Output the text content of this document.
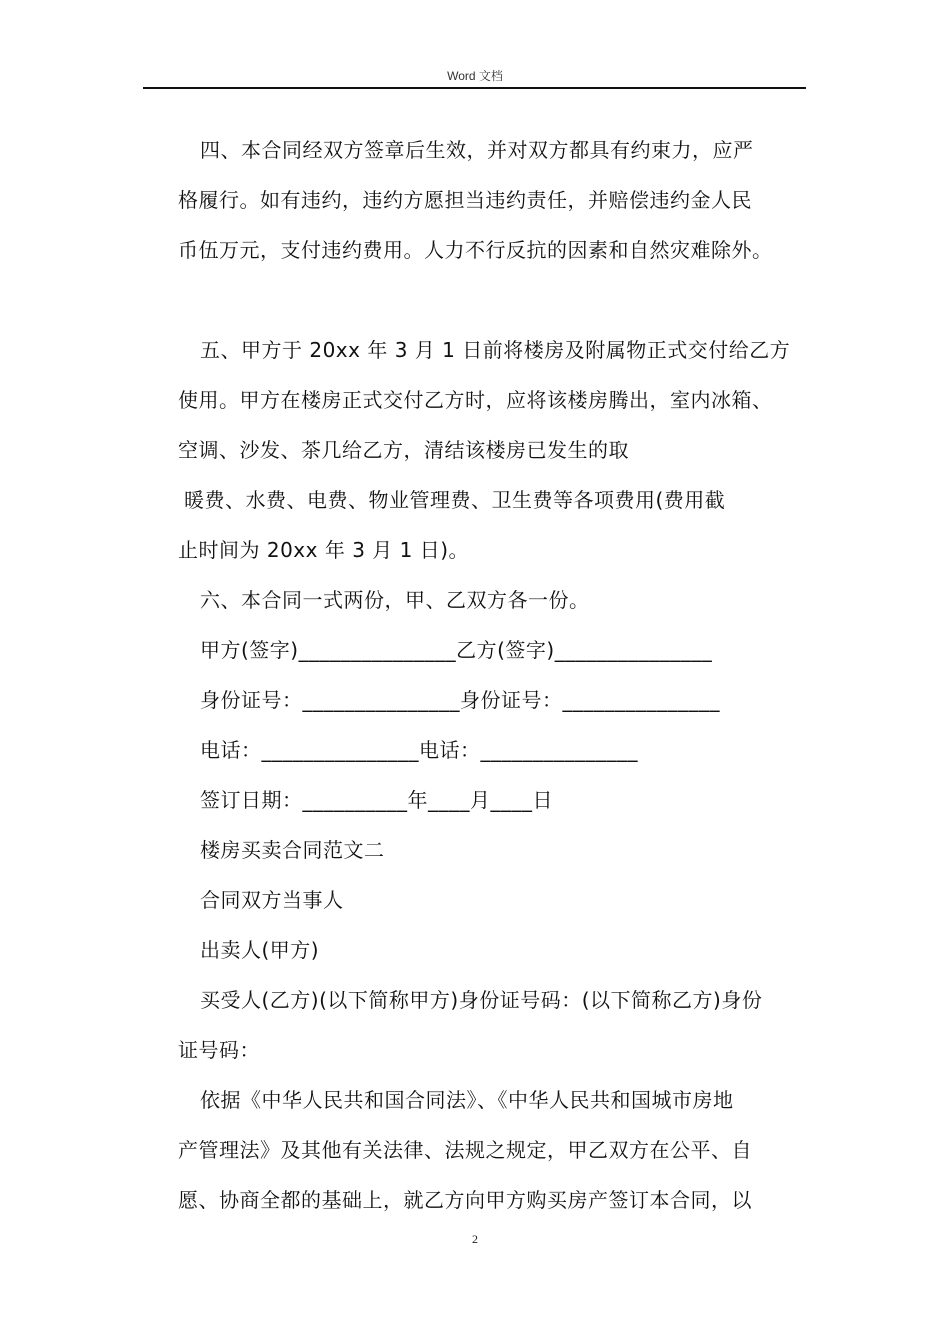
Word 文档
四、本合同经双方签章后生效，并对双方都具有约束力，应严
格履行。如有违约，违约方愿担当违约责任，并赔偿违约金人民
币伍万元，支付违约费用。人力不行反抗的因素和自然灾难除外。
五、甲方于 20xx 年 3 月 1 日前将楼房及附属物正式交付给乙方
使用。甲方在楼房正式交付乙方时，应将该楼房腾出，室内冰箱、
空调、沙发、茶几给乙方，清结该楼房已发生的取
暖费、水费、电费、物业管理费、卫生费等各项费用(费用截
止时间为 20xx 年 3 月 1 日)。
六、本合同一式两份，甲、乙双方各一份。
甲方(签字)_______________乙方(签字)_______________
身份证号：_______________身份证号：_______________
电话：_______________电话：_______________
签订日期：__________年____月____日
楼房买卖合同范文二
合同双方当事人
出卖人(甲方)
买受人(乙方)(以下简称甲方)身份证号码：(以下简称乙方)身份
证号码：
依据《中华人民共和国合同法》、《中华人民共和国城市房地
产管理法》及其他有关法律、法规之规定，甲乙双方在公平、自
愿、协商全都的基础上，就乙方向甲方购买房产签订本合同，以
2
